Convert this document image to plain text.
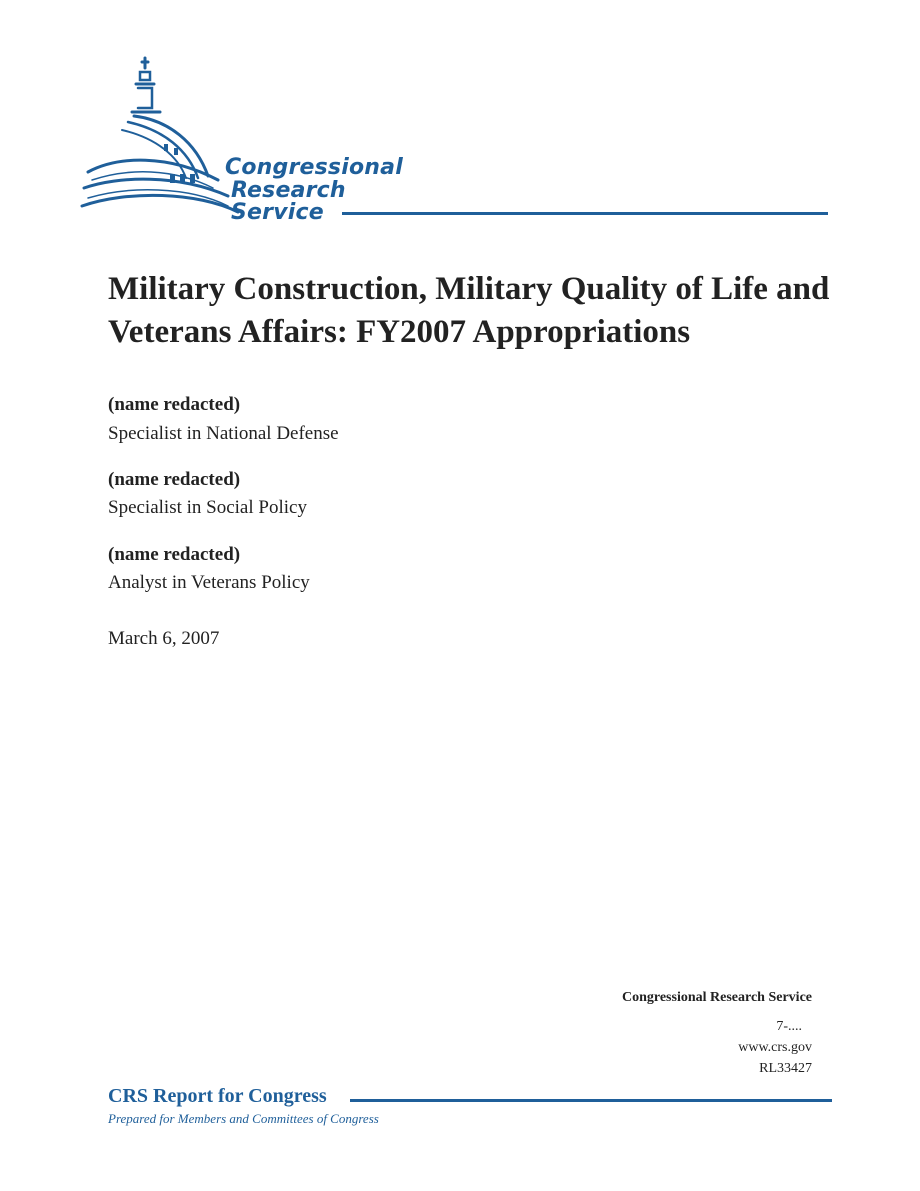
Congressional
Research
Service
Military Construction, Military Quality of Life and Veterans Affairs: FY2007 Appropriations
(name redacted)
Specialist in National Defense
(name redacted)
Specialist in Social Policy
(name redacted)
Analyst in Veterans Policy
March 6, 2007
Congressional Research Service
7-....
www.crs.gov
RL33427
CRS Report for Congress
Prepared for Members and Committees of Congress
